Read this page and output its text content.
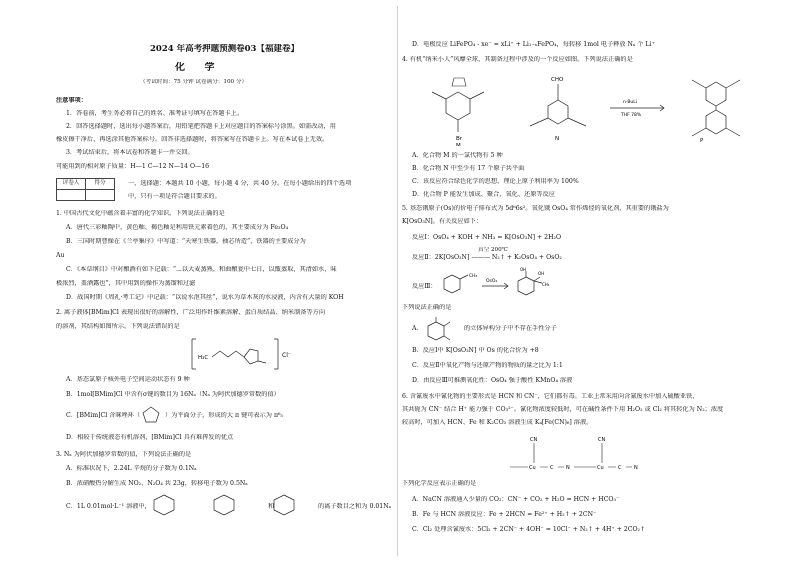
2024 年高考押题预测卷03【福建卷】
化 学
（考试时间：75 分钟 试卷满分：100 分）
注意事项：
1．答卷前，考生务必将自己的姓名、准考证号填写在答题卡上。
2．回答选择题时，选出每小题答案后，用铅笔把答题卡上对应题目的答案标号涂黑。如需改动，用
橡皮擦干净后，再选涂其他答案标号。回答非选择题时，将答案写在答题卡上。写在本试卷上无效。
3．考试结束后，将本试卷和答题卡一并交回。
可能用到的相对原子质量：H—1 C—12 N—14 O—16
评卷人	得分
		一、选择题：本题共 10 小题，每小题 4 分，共 40 分。在每小题给出的四个选项
中，只有一项是符合题目要求的。
1. 中国古代文化中蕴含着丰富的化学知识。下列说法正确的是
A．唐代三彩釉陶中，黄色釉、褐色釉是利用铁元素着色的，其主要成分为 Fe₃O₄
B．三国时期曹操在《兰亭集序》中写道：“天寒生铁器，抽芯所造”，铁器的主要成分为
Au
C．《本草纲目》中对酿酒有如下记载：“...以大麦蒸熟，和曲酿瓮中七日，以甑蒸取，其清如水，味
极浓烈，盖酒露也”，其中用到的操作为蒸馏和过滤
D．战国时期《周礼·考工记》中记载：“以说水沤其丝”，说水为草木灰的水浸液，内含有大量的 KOH
2. 离子液体[BMim]Cl 表现出很好的溶解性，广泛用作纤维素溶解、蛋白质结晶、纳米制备等方向
的溶剂，其结构如图所示。下列说法错误的是
H₃C	Cl⁻
A．基态氯原子核外电子空间运动状态有 9 种
B．1mol[BMim]Cl 中含有σ键的数目为 16Nₐ（Nₐ 为阿伏加德罗常数的值）
C．[BMim]Cl 含咪唑环（	）为平面分子，形成的大 π 键可表示为 π⁶₅
D．相较于传统液态有机溶剂，[BMim]Cl 具有难挥发的优点
3. Nₐ 为阿伏加德罗常数的值，下列说法正确的是
A．标准状况下，2.24L 辛烷的分子数为 0.1Nₐ
B．浓硝酸热分解生成 NO₂、N₂O₄ 共 23g，转移电子数为 0.5Nₐ
C．1L 0.01mol·L⁻¹ 溶液中，	和	的离子数目之和为 0.01Nₐ
D．电极反应 LiFePO₄ - xe⁻ = xLi⁺ + Li₁₋ₓFePO₄，每转移 1mol 电子释放 Nₐ 个 Li⁺
4. 有机“纳米小人”风靡全球，其制备过程中涉及的一个反应如图。下列说法正确的是
Br
M
CHO
N
n-BuLi
THF 78%
P
A．化合物 M 的一氯代物有 5 种
B．化合物 N 中至少有 17 个原子共平面
C．该反应符合绿色化学的思想，理论上原子利用率为 100%
D．化合物 P 能发生加成、聚合、氧化、还原等反应
5. 基态锇原子(Os)的价电子排布式为 5d⁶6s²。氧化锇 OsO₄ 常作烯烃的氧化剂，其重要的锇盐为
K[OsO₃N]。有关反应如下：
反应Ⅰ：OsO₄ + KOH + NH₃ = K[OsO₃N] + 2H₂O
真空 200℃
反应Ⅱ：2K[OsO₃N] ——— N₂↑ + K₂OsO₄ + OsO₂
反应Ⅲ：
CH₃
OsO₄
OH
OH
CH₃
下列说法正确的是
A．	的立体异构分子中不存在手性分子
B．反应Ⅰ中 K[OsO₃N] 中 Os 的化合价为 +8
C．反应Ⅱ中氧化产物与还原产物的物质的量之比为 1:1
D．由反应Ⅲ可推测氧化性：OsO₄ 强于酸性 KMnO₄ 溶液
6. 含氰废水中氰化物的主要形式是 HCN 和 CN⁻，它们都有毒。工业上常采用向含氰废水中加入硫酸亚铁，
其共轭为 CN⁻ 结合 H⁺ 能力强于 CO₃²⁻。氰化物浓度较低时，可在碱性条件下用 H₂O₂ 或 Cl₂ 将其转化为 N₂；浓度
较高时，可加入 HCN、Fe 和 K₂CO₃ 溶液生成 K₄[Fe(CN)₆] 溶液。
CN	CN
Cu	C	N	Cu	C	N
下列化学反应表示正确的是
A．NaCN 溶液通入少量的 CO₂：CN⁻ + CO₂ + H₂O = HCN + HCO₃⁻
B．Fe 与 HCN 溶液反应：Fe + 2HCN = Fe²⁺ + H₂↑ + 2CN⁻
C．Cl₂ 处理含氰废水：5Cl₂ + 2CN⁻ + 4OH⁻ = 10Cl⁻ + N₂↑ + 4H⁺ + 2CO₂↑
